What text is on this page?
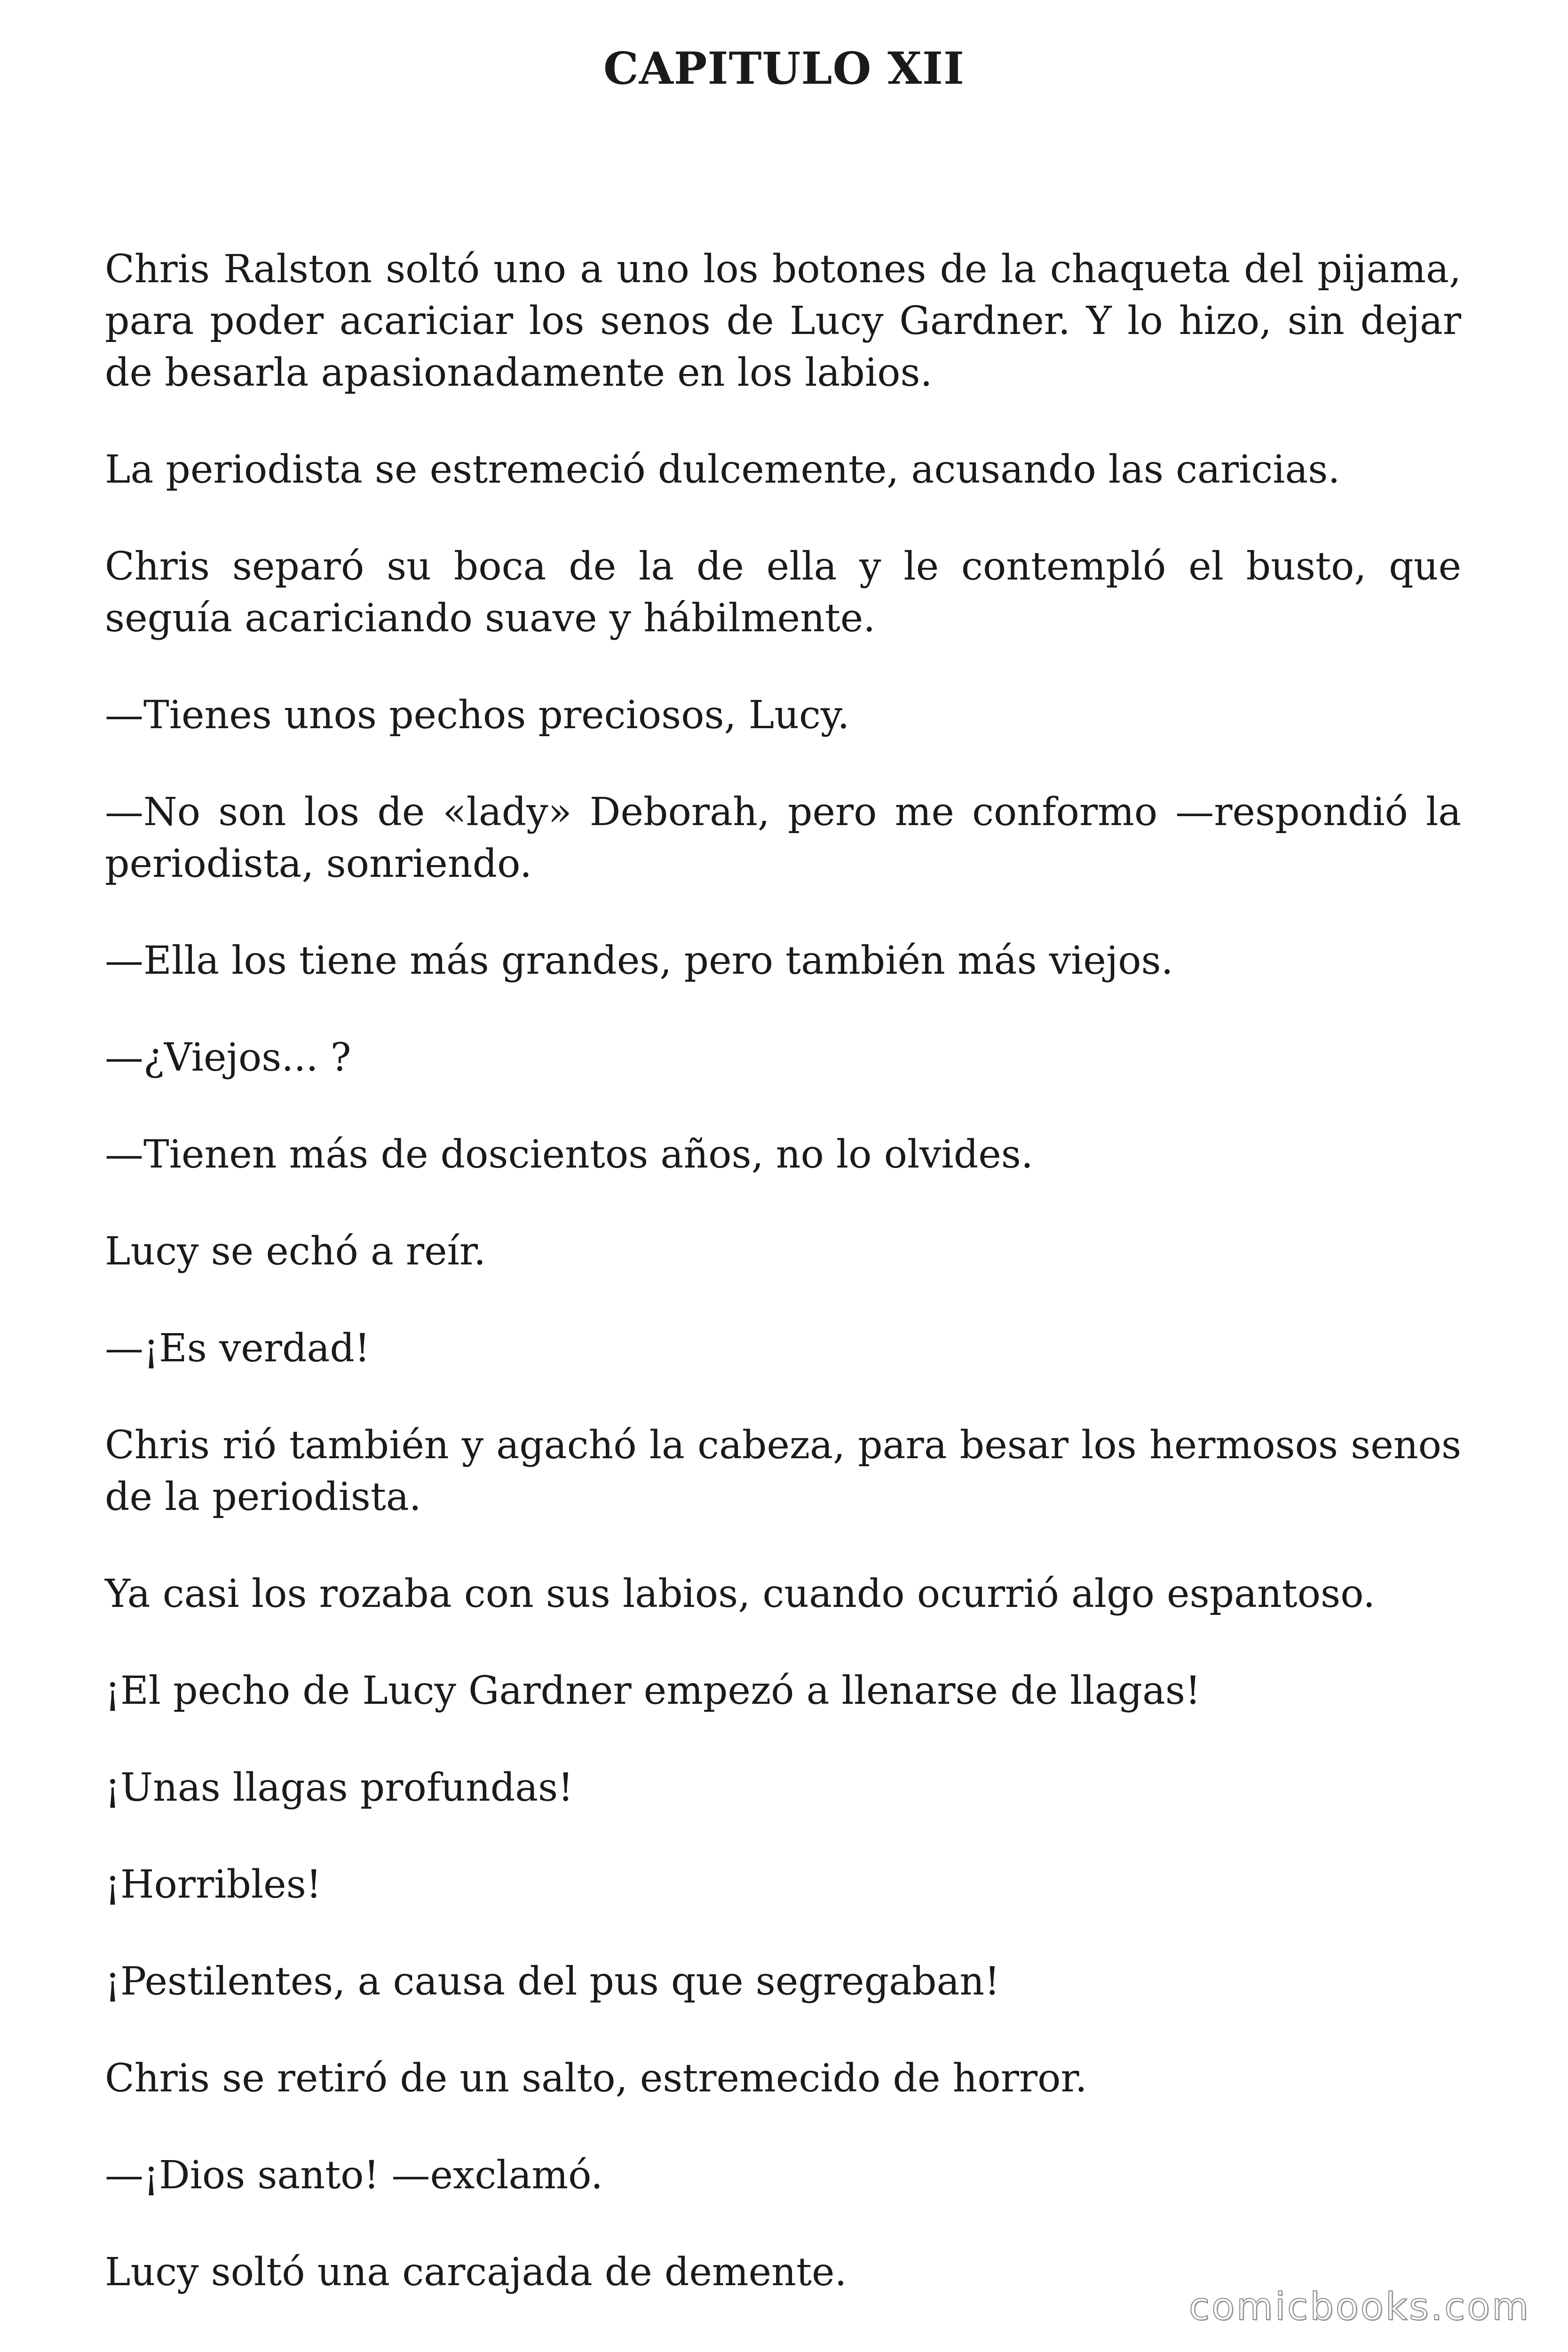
CAPITULO XII

Chris Ralston soltó uno a uno los botones de la chaqueta del pijama, para poder acariciar los senos de Lucy Gardner. Y lo hizo, sin dejar de besarla apasionadamente en los labios.

La periodista se estremeció dulcemente, acusando las caricias.

Chris separó su boca de la de ella y le contempló el busto, que seguía acariciando suave y hábilmente.

—Tienes unos pechos preciosos, Lucy.

—No son los de «lady» Deborah, pero me conformo —respondió la periodista, sonriendo.

—Ella los tiene más grandes, pero también más viejos.

—¿Viejos... ?

—Tienen más de doscientos años, no lo olvides.

Lucy se echó a reír.

—¡Es verdad!

Chris rió también y agachó la cabeza, para besar los hermosos senos de la periodista.

Ya casi los rozaba con sus labios, cuando ocurrió algo espantoso.

¡El pecho de Lucy Gardner empezó a llenarse de llagas!

¡Unas llagas profundas!

¡Horribles!

¡Pestilentes, a causa del pus que segregaban!

Chris se retiró de un salto, estremecido de horror.

—¡Dios santo! —exclamó.

Lucy soltó una carcajada de demente.

comicbooks.com
